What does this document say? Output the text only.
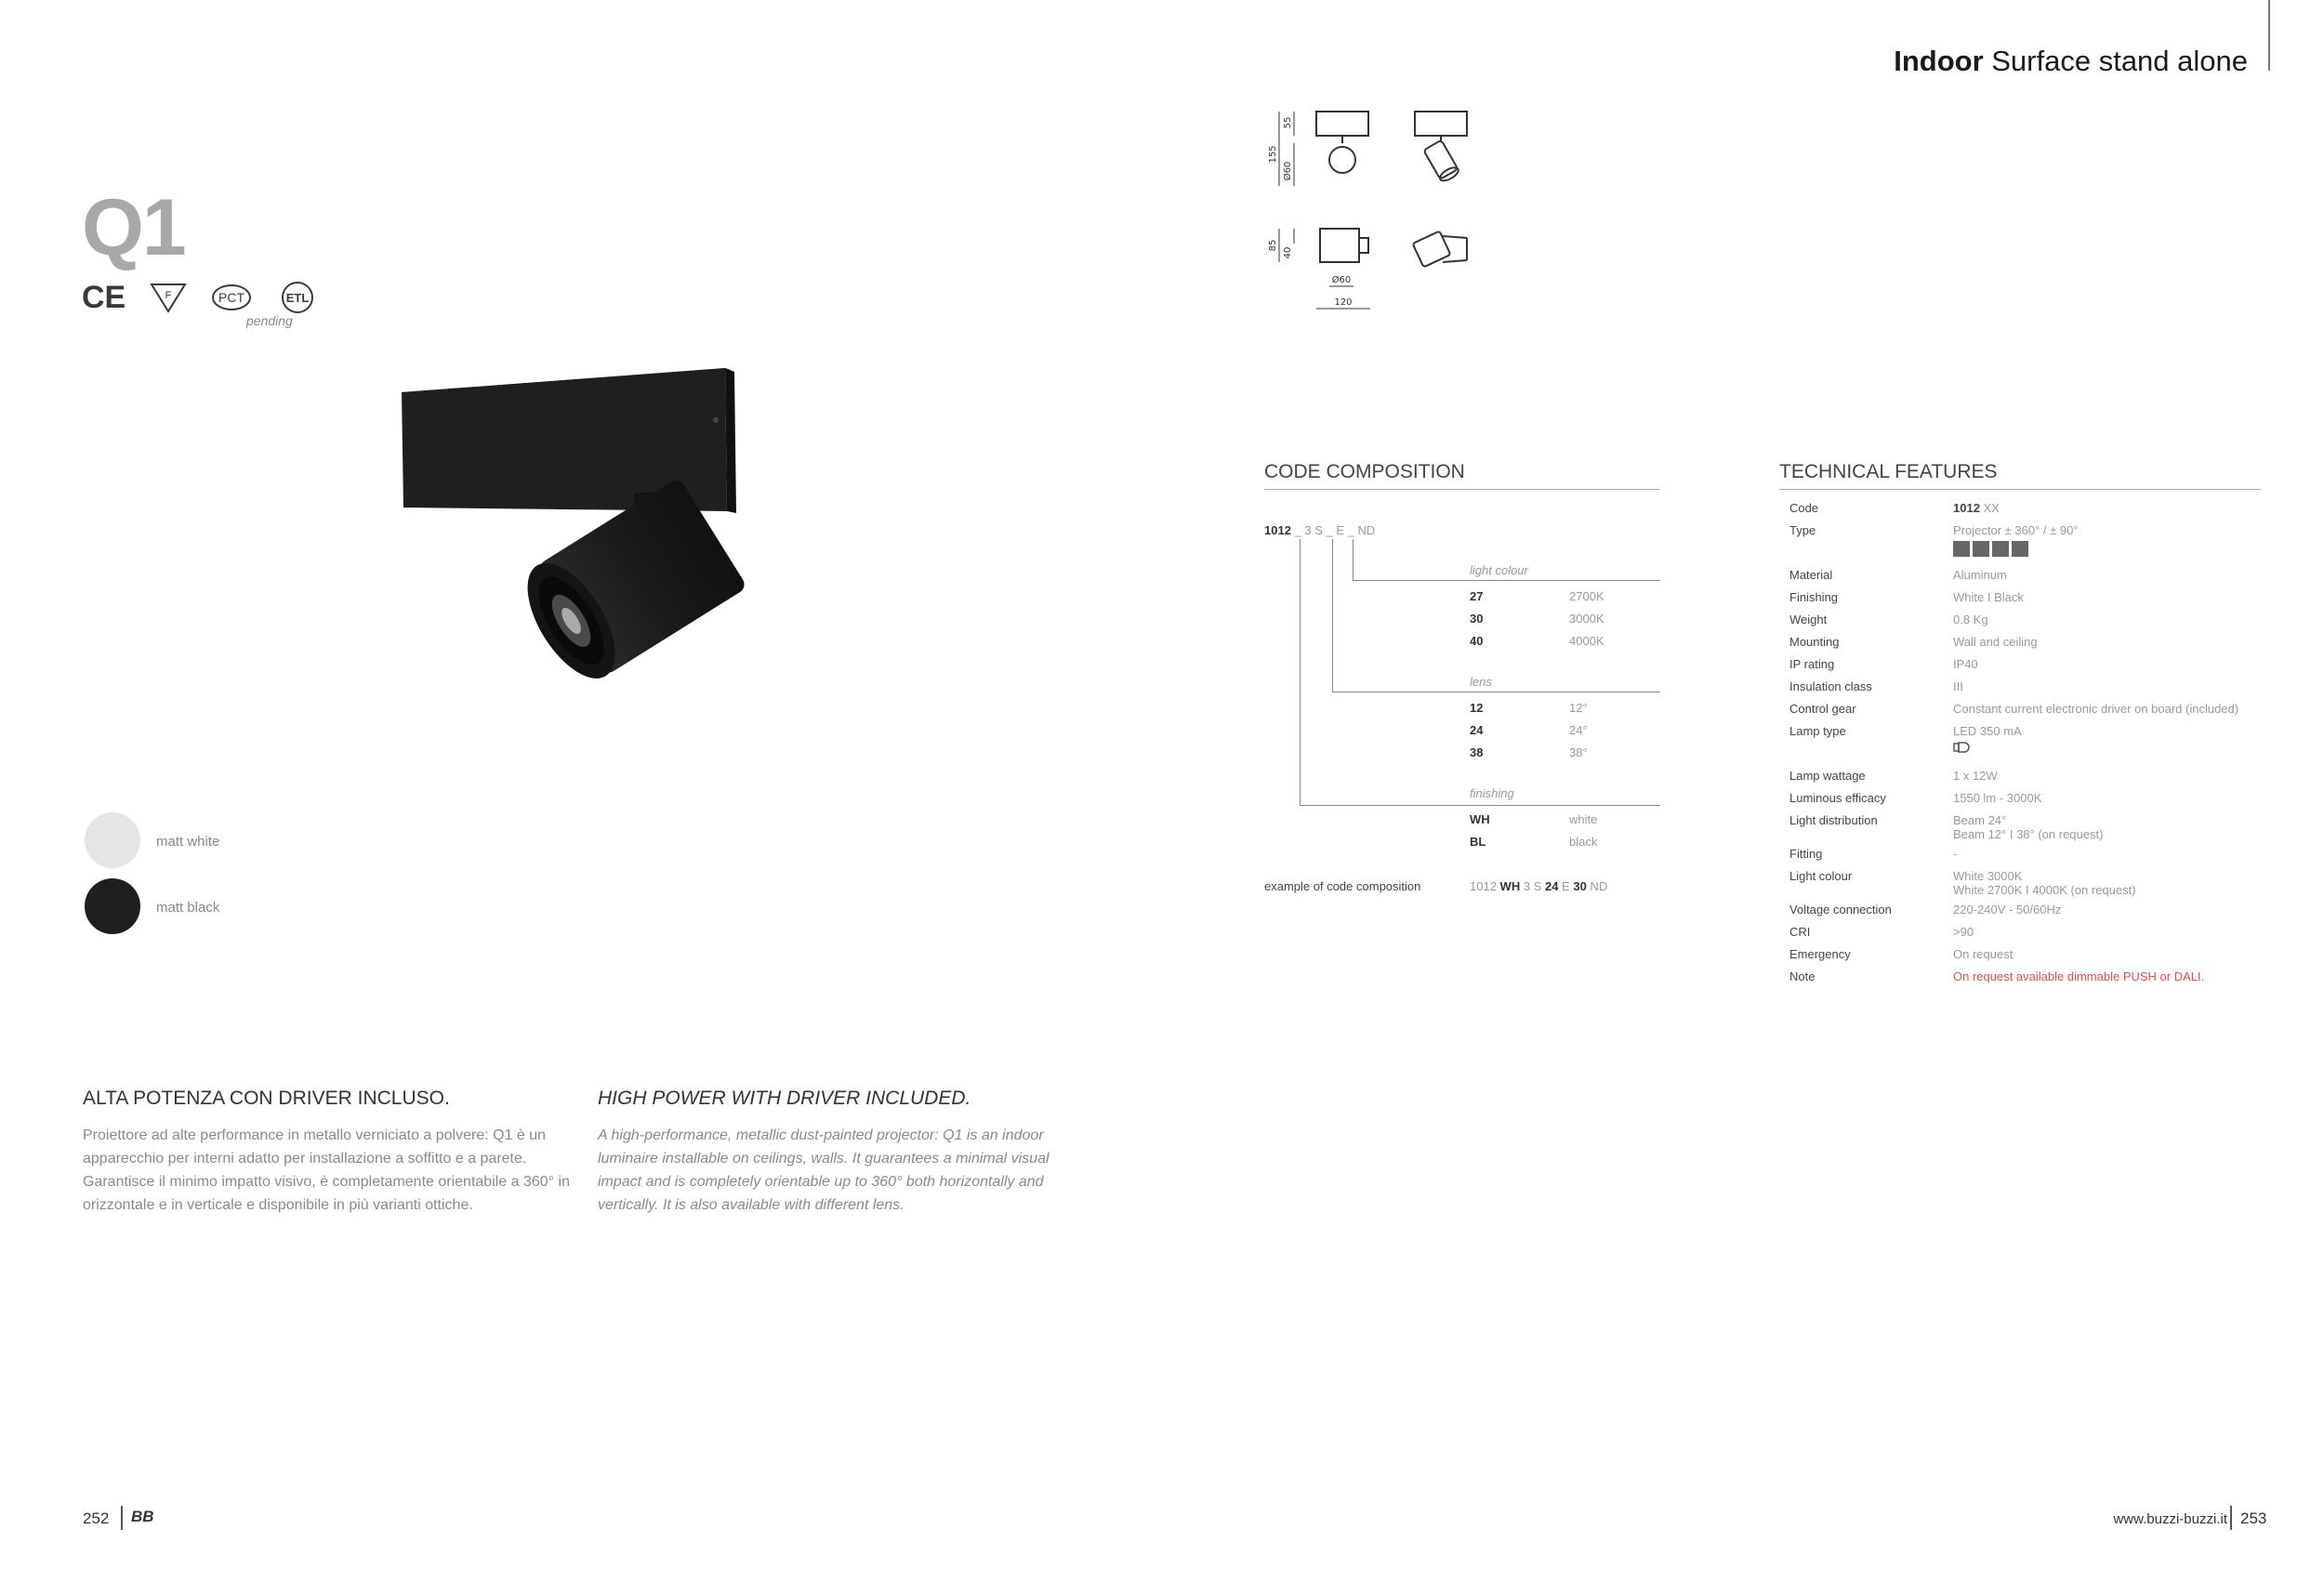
Indoor Surface stand alone
Q1
CE	F	PCT	ETL
pending
155
55
Ø60
85
40
Ø60
120
matt white
matt black
ALTA POTENZA CON DRIVER INCLUSO.
Proiettore ad alte performance in metallo verniciato a polvere: Q1 è un apparecchio per interni adatto per installazione a soffitto e a parete. Garantisce il minimo impatto visivo, è completamente orientabile a 360° in orizzontale e in verticale e disponibile in più varianti ottiche.
HIGH POWER WITH DRIVER INCLUDED.
A high-performance, metallic dust-painted projector: Q1 is an indoor luminaire installable on ceilings, walls. It guarantees a minimal visual impact and is completely orientable up to 360° both horizontally and vertically. It is also available with different lens.
CODE COMPOSITION
1012 _ 3 S _ E _ ND
light colour
27	2700K
30	3000K
40	4000K
lens
12	12°
24	24°
38	38°
finishing
WH	white
BL	black
example of code composition	1012 WH 3 S 24 E 30 ND
TECHNICAL FEATURES
Code	1012 XX
Type	Projector ± 360° / ± 90°
Material	Aluminum
Finishing	White I Black
Weight	0.8 Kg
Mounting	Wall and ceiling
IP rating	IP40
Insulation class	III
Control gear	Constant current electronic driver on board (included)
Lamp type	LED 350 mA
Lamp wattage	1 x 12W
Luminous efficacy	1550 lm - 3000K
Light distribution	Beam 24°
Beam 12° I 38° (on request)
Fitting	-
Light colour	White 3000K
White 2700K I 4000K (on request)
Voltage connection	220-240V - 50/60Hz
CRI	>90
Emergency	On request
Note	On request available dimmable PUSH or DALI.
252 BB	www.buzzi-buzzi.it 253
